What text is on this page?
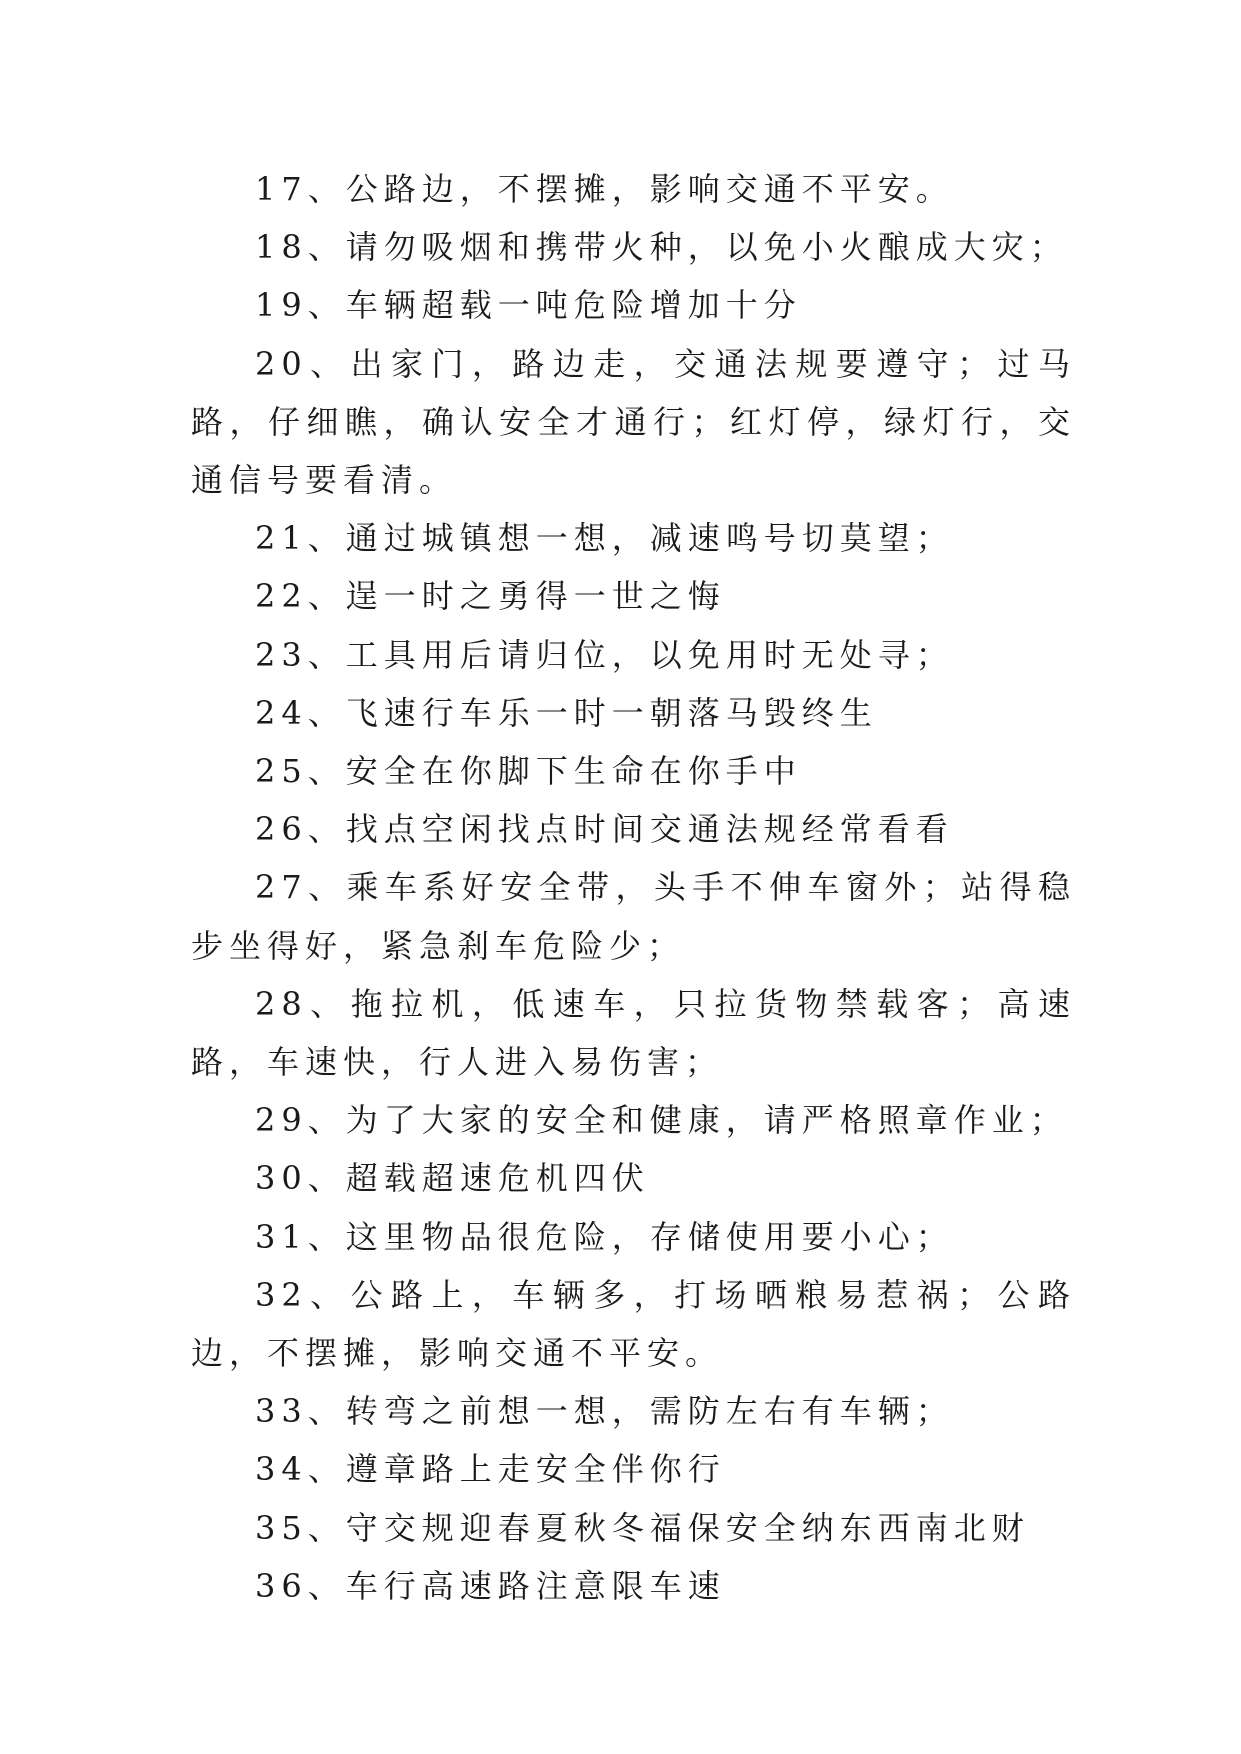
17、公路边，不摆摊，影响交通不平安。

18、请勿吸烟和携带火种，以免小火酿成大灾；

19、车辆超载一吨危险增加十分

20、出家门，路边走，交通法规要遵守；过马路，仔细瞧，确认安全才通行；红灯停，绿灯行，交通信号要看清。

21、通过城镇想一想，减速鸣号切莫望；

22、逞一时之勇得一世之悔

23、工具用后请归位，以免用时无处寻；

24、飞速行车乐一时一朝落马毁终生

25、安全在你脚下生命在你手中

26、找点空闲找点时间交通法规经常看看

27、乘车系好安全带，头手不伸车窗外；站得稳步坐得好，紧急刹车危险少；

28、拖拉机，低速车，只拉货物禁载客；高速路，车速快，行人进入易伤害；

29、为了大家的安全和健康，请严格照章作业；

30、超载超速危机四伏

31、这里物品很危险，存储使用要小心；

32、公路上，车辆多，打场晒粮易惹祸；公路边，不摆摊，影响交通不平安。

33、转弯之前想一想，需防左右有车辆；

34、遵章路上走安全伴你行

35、守交规迎春夏秋冬福保安全纳东西南北财

36、车行高速路注意限车速
